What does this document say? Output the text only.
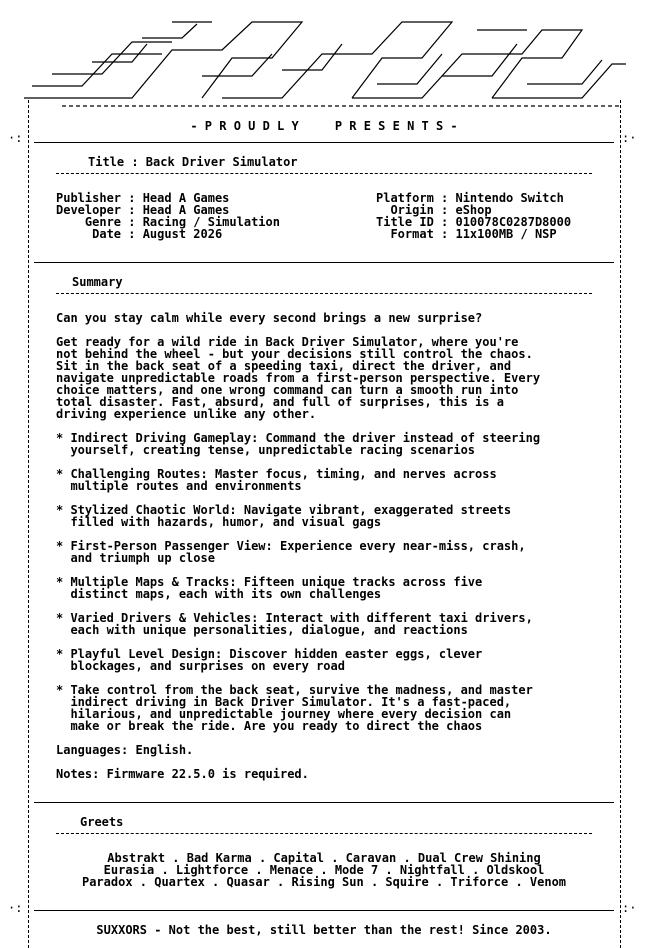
·:	:·
·:	:·
- P R O U D L Y     P R E S E N T S -
Title : Back Driver Simulator
Publisher : Head A Games
Developer : Head A Games
Genre : Racing / Simulation
Date : August 2026
Platform : Nintendo Switch
Origin : eShop
Title ID : 010078C0287D8000
Format : 11x100MB / NSP
Summary
Can you stay calm while every second brings a new surprise?
Get ready for a wild ride in Back Driver Simulator, where you're
not behind the wheel - but your decisions still control the chaos.
Sit in the back seat of a speeding taxi, direct the driver, and
navigate unpredictable roads from a first-person perspective. Every
choice matters, and one wrong command can turn a smooth run into
total disaster. Fast, absurd, and full of surprises, this is a
driving experience unlike any other.
* Indirect Driving Gameplay: Command the driver instead of steering
yourself, creating tense, unpredictable racing scenarios
* Challenging Routes: Master focus, timing, and nerves across
multiple routes and environments
* Stylized Chaotic World: Navigate vibrant, exaggerated streets
filled with hazards, humor, and visual gags
* First-Person Passenger View: Experience every near-miss, crash,
and triumph up close
* Multiple Maps & Tracks: Fifteen unique tracks across five
distinct maps, each with its own challenges
* Varied Drivers & Vehicles: Interact with different taxi drivers,
each with unique personalities, dialogue, and reactions
* Playful Level Design: Discover hidden easter eggs, clever
blockages, and surprises on every road
* Take control from the back seat, survive the madness, and master
indirect driving in Back Driver Simulator. It's a fast-paced,
hilarious, and unpredictable journey where every decision can
make or break the ride. Are you ready to direct the chaos
Languages: English.
Notes: Firmware 22.5.0 is required.
Greets
Abstrakt . Bad Karma . Capital . Caravan . Dual Crew Shining
Eurasia . Lightforce . Menace . Mode 7 . Nightfall . Oldskool
Paradox . Quartex . Quasar . Rising Sun . Squire . Triforce . Venom
SUXXORS - Not the best, still better than the rest! Since 2003.
